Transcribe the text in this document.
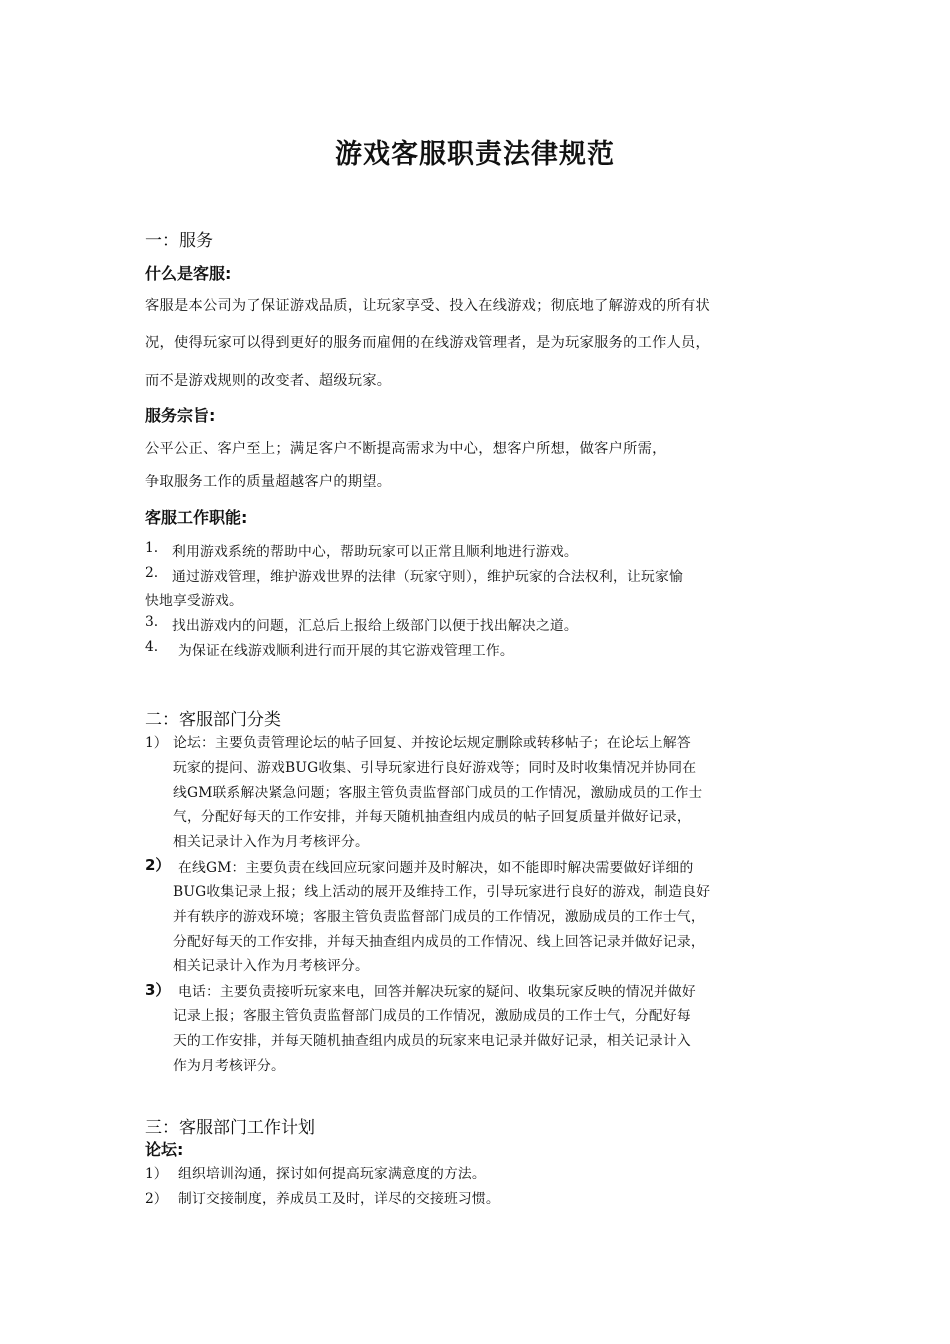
游戏客服职责法律规范
一：服务
什么是客服:
客服是本公司为了保证游戏品质，让玩家享受、投入在线游戏；彻底地了解游戏的所有状
况，使得玩家可以得到更好的服务而雇佣的在线游戏管理者，是为玩家服务的工作人员，
而不是游戏规则的改变者、超级玩家。
服务宗旨:
公平公正、客户至上；满足客户不断提高需求为中心，想客户所想，做客户所需，
争取服务工作的质量超越客户的期望。
客服工作职能:
1. 利用游戏系统的帮助中心，帮助玩家可以正常且顺利地进行游戏。
2. 通过游戏管理，维护游戏世界的法律（玩家守则），维护玩家的合法权利，让玩家愉
快地享受游戏。
3. 找出游戏内的问题，汇总后上报给上级部门以便于找出解决之道。
4. 为保证在线游戏顺利进行而开展的其它游戏管理工作。
二：客服部门分类
1） 论坛：主要负责管理论坛的帖子回复、并按论坛规定删除或转移帖子；在论坛上解答
玩家的提问、游戏BUG收集、引导玩家进行良好游戏等；同时及时收集情况并协同在
线GM联系解决紧急问题；客服主管负责监督部门成员的工作情况，激励成员的工作士
气，分配好每天的工作安排，并每天随机抽查组内成员的帖子回复质量并做好记录，
相关记录计入作为月考核评分。
2） 在线GM：主要负责在线回应玩家问题并及时解决，如不能即时解决需要做好详细的
BUG收集记录上报；线上活动的展开及维持工作，引导玩家进行良好的游戏，制造良好
并有轶序的游戏环境；客服主管负责监督部门成员的工作情况，激励成员的工作士气，
分配好每天的工作安排，并每天抽查组内成员的工作情况、线上回答记录并做好记录，
相关记录计入作为月考核评分。
3） 电话：主要负责接听玩家来电，回答并解决玩家的疑问、收集玩家反映的情况并做好
记录上报；客服主管负责监督部门成员的工作情况，激励成员的工作士气，分配好每
天的工作安排，并每天随机抽查组内成员的玩家来电记录并做好记录，相关记录计入
作为月考核评分。
三：客服部门工作计划
论坛:
1） 组织培训沟通，探讨如何提高玩家满意度的方法。
2） 制订交接制度，养成员工及时，详尽的交接班习惯。
